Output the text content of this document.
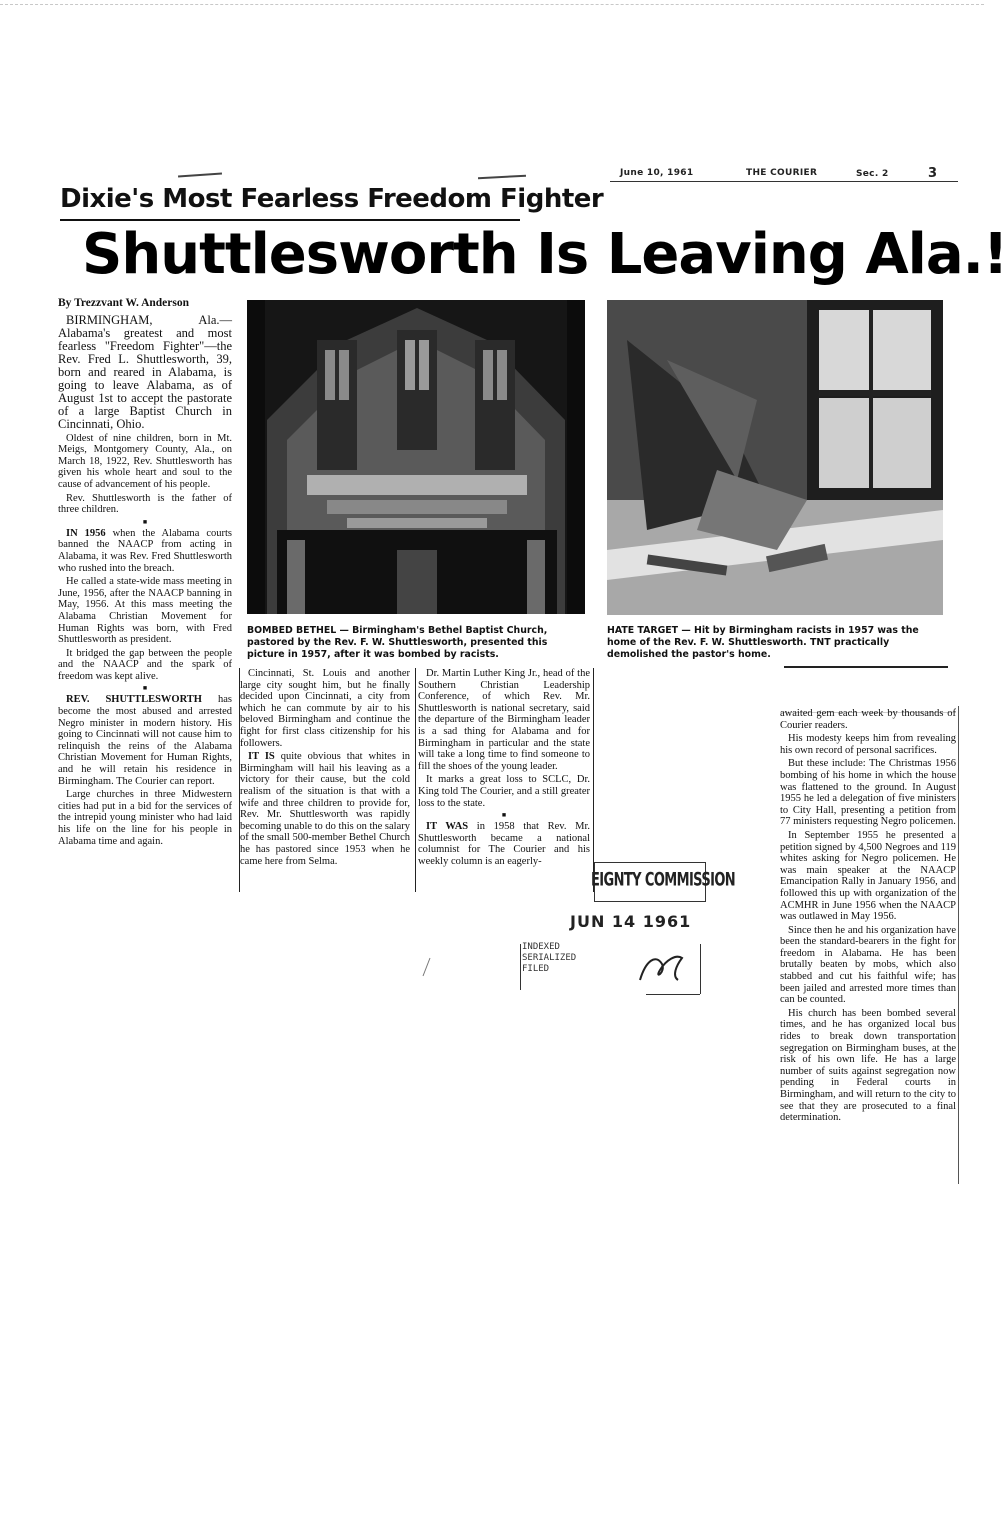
June 10, 1961	THE COURIER	Sec. 2	3
Dixie's Most Fearless Freedom Fighter
Shuttlesworth Is Leaving Ala.!

By Trezzvant W. Anderson

BIRMINGHAM, Ala.—Alabama's greatest and most fearless "Freedom Fighter"—the Rev. Fred L. Shuttlesworth, 39, born and reared in Alabama, is going to leave Alabama, as of August 1st to accept the pastorate of a large Baptist Church in Cincinnati, Ohio.

Oldest of nine children, born in Mt. Meigs, Montgomery County, Ala., on March 18, 1922, Rev. Shuttlesworth has given his whole heart and soul to the cause of advancement of his people.

Rev. Shuttlesworth is the father of three children.

■

IN 1956 when the Alabama courts banned the NAACP from acting in Alabama, it was Rev. Fred Shuttlesworth who rushed into the breach.

He called a state-wide mass meeting in June, 1956, after the NAACP banning in May, 1956. At this mass meeting the Alabama Christian Movement for Human Rights was born, with Fred Shuttlesworth as president.

It bridged the gap between the people and the NAACP and the spark of freedom was kept alive.

■

REV. SHUTTLESWORTH has become the most abused and arrested Negro minister in modern history. His going to Cincinnati will not cause him to relinquish the reins of the Alabama Christian Movement for Human Rights, and he will retain his residence in Birmingham. The Courier can report.

Large churches in three Midwestern cities had put in a bid for the services of the intrepid young minister who had laid his life on the line for his people in Alabama time and again.

BOMBED BETHEL — Birmingham's Bethel Baptist Church, pastored by the Rev. F. W. Shuttlesworth, presented this picture in 1957, after it was bombed by racists.
HATE TARGET — Hit by Birmingham racists in 1957 was the home of the Rev. F. W. Shuttlesworth. TNT practically demolished the pastor's home.

Cincinnati, St. Louis and another large city sought him, but he finally decided upon Cincinnati, a city from which he can commute by air to his beloved Birmingham and continue the fight for first class citizenship for his followers.

IT IS quite obvious that whites in Birmingham will hail his leaving as a victory for their cause, but the cold realism of the situation is that with a wife and three children to provide for, Rev. Mr. Shuttlesworth was rapidly becoming unable to do this on the salary of the small 500-member Bethel Church he has pastored since 1953 when he came here from Selma.

Dr. Martin Luther King Jr., head of the Southern Christian Leadership Conference, of which Rev. Mr. Shuttlesworth is national secretary, said the departure of the Birmingham leader is a sad thing for Alabama and for Birmingham in particular and the state will take a long time to find someone to fill the shoes of the young leader.

It marks a great loss to SCLC, Dr. King told The Courier, and a still greater loss to the state.

■

IT WAS in 1958 that Rev. Mr. Shuttlesworth became a national columnist for The Courier and his weekly column is an eagerly-

awaited gem each week by thousands of Courier readers.

His modesty keeps him from revealing his own record of personal sacrifices.

But these include: The Christmas 1956 bombing of his home in which the house was flattened to the ground. In August 1955 he led a delegation of five ministers to City Hall, presenting a petition from 77 ministers requesting Negro policemen.

In September 1955 he presented a petition signed by 4,500 Negroes and 119 whites asking for Negro policemen. He was main speaker at the NAACP Emancipation Rally in January 1956, and followed this up with organization of the ACMHR in June 1956 when the NAACP was outlawed in May 1956.

Since then he and his organization have been the standard-bearers in the fight for freedom in Alabama. He has been brutally beaten by mobs, which also stabbed and cut his faithful wife; has been jailed and arrested more times than can be counted.

His church has been bombed several times, and he has organized local bus rides to break down transportation segregation on Birmingham buses, at the risk of his own life. He has a large number of suits against segregation now pending in Federal courts in Birmingham, and will return to the city to see that they are prosecuted to a final determination.

EIGNTY COMMISSION
JUN 14 1961
INDEXED
SERIALIZED
FILED
